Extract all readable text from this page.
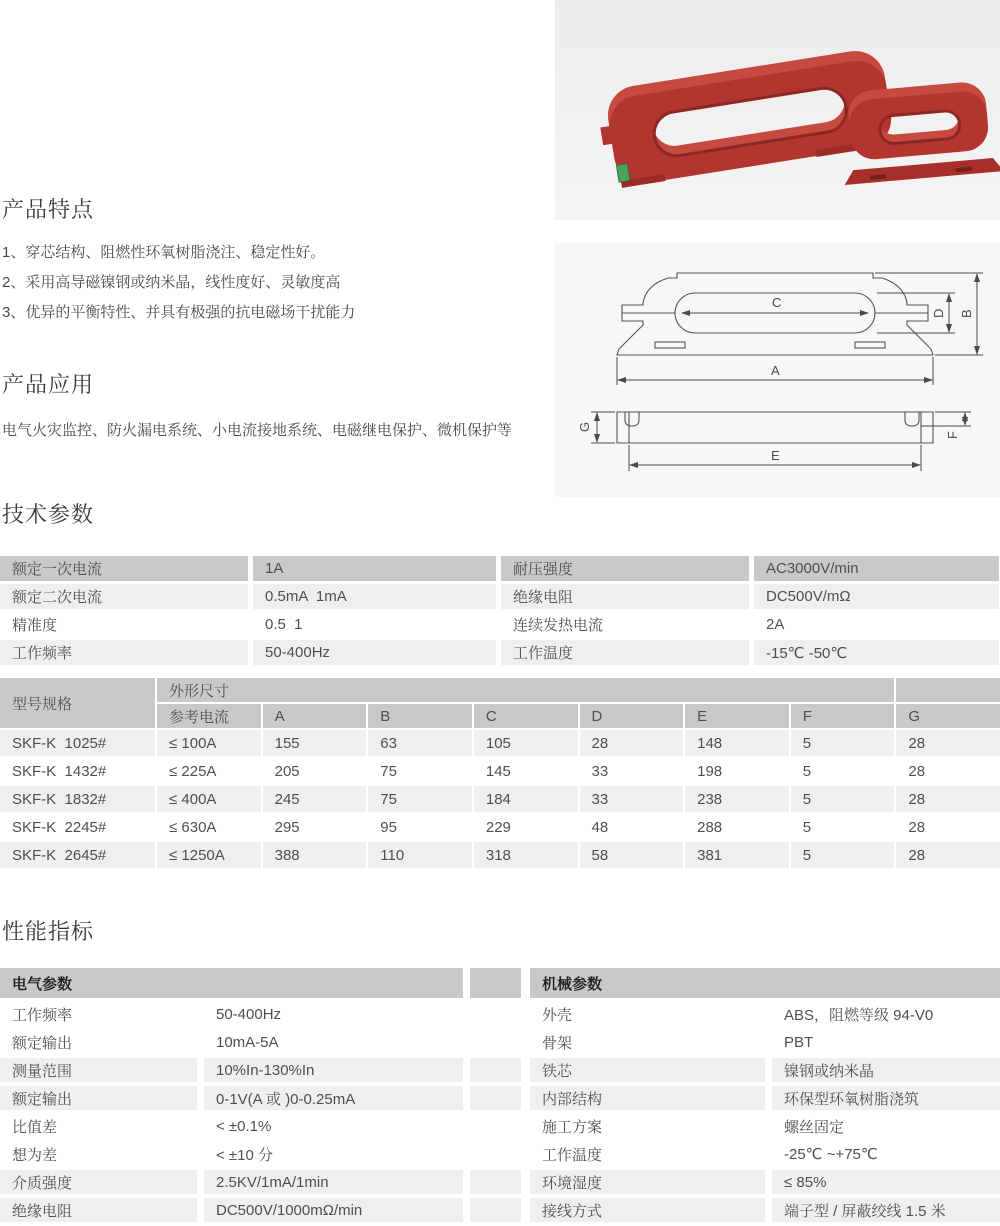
C
A
D B
G
F
E
产品特点
1、穿芯结构、阻燃性环氧树脂浇注、稳定性好。
2、采用高导磁镍钢或纳米晶，线性度好、灵敏度高
3、优异的平衡特性、并具有极强的抗电磁场干扰能力
产品应用

电气火灾监控、防火漏电系统、小电流接地系统、电磁继电保护、微机保护等

技术参数
额定一次电流	1A	耐压强度	AC3000V/min
额定二次电流	0.5mA  1mA	绝缘电阻	DC500V/mΩ
精准度	0.5  1	连续发热电流	2A
工作频率	50-400Hz	工作温度	-15℃ -50℃
型号规格
外形尺寸
参考电流	A	B	C	D	E	F	G
SKF-K  1025#	≤ 100A	155	63	105	28	148	5	28
SKF-K  1432#	≤ 225A	205	75	145	33	198	5	28
SKF-K  1832#	≤ 400A	245	75	184	33	238	5	28
SKF-K  2245#	≤ 630A	295	95	229	48	288	5	28
SKF-K  2645#	≤ 1250A	388	110	318	58	381	5	28
性能指标
电气参数
工作频率	50-400Hz
额定输出	10mA-5A
测量范围	10%In-130%In
额定输出	0-1V(A 或 )0-0.25mA
比值差	< ±0.1%
想为差	< ±10 分
介质强度	2.5KV/1mA/1min
绝缘电阻	DC500V/1000mΩ/min
机械参数
外壳	ABS，阻燃等级 94-V0
骨架	PBT
铁芯	镍钢或纳米晶
内部结构	环保型环氧树脂浇筑
施工方案	螺丝固定
工作温度	-25℃ ~+75℃
环境湿度	≤ 85%
接线方式	端子型 / 屏蔽绞线 1.5 米
